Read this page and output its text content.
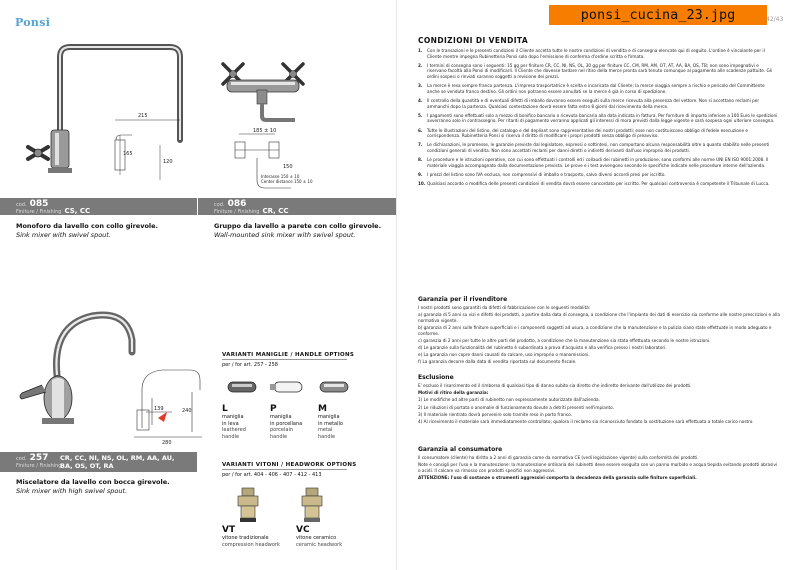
Ponsi
215
165
120
185 ± 10
150
Interasse 150 ± 10
Center distance 150 ± 10
cod. 085
Finiture / Finishing CS, CC
Monoforo da lavello con collo girevole.
Sink mixer with swivel spout.
cod. 086
Finiture / Finishing CR, CC
Gruppo da lavello a parete con collo girevole.
Wall-mounted sink mixer with swivel spout.
139	240
280
cod. 257
Finiture / Finishing
CR, CC, NI, NS, OL, RM, AA, AU,
BA, OS, OT, RA
Miscelatore da lavello con bocca girevole.
Sink mixer with high swivel spout.
VARIANTI MANIGLIE / HANDLE OPTIONS
per / for art. 257 - 258
L
maniglia
in leva
leathered
handle
P
maniglia
in porcellana
porcelain
handle
M
maniglia
in metallo
metal
handle
VARIANTI VITONI / HEADWORK OPTIONS
per / for art. 404 - 406 - 407 - 412 - 413
VT
vitone tradizionale
compression headwork
VC
vitone ceramico
ceramic headwork
ponsi_cucina_23.jpg	42/43
CONDIZIONI DI VENDITA
1.	Con le transazioni e le presenti condizioni il Cliente accetta tutte le nostre condizioni di vendita e di consegna elencate qui di seguito. L'ordine è vincolante per il Cliente mentre impegna Rubinetteria Ponsi solo dopo l'emissione di conferma d'ordine scritta e firmata.
2.	I termini di consegna sono i seguenti: 15 gg per finiture CR, CC, NI, NS, OL, 30 gg per finiture CC, CM, RM, AM, OT, AT, AA, BA, OS, TB; non sono impegnativi e riservano facoltà alla Ponsi di modificarli. Il Cliente che dovesse tardare nel ritiro della merce pronta sarà tenuto comunque al pagamento alle scadenze pattuite. Gli ordini sospesi o rinviati saranno soggetti a revisione dei prezzi.
3.	La merce è resa sempre franco partenza. L'impresa trasportatrice è scelta e incaricata dal Cliente; la merce viaggia sempre a rischio e pericolo del Committente anche se venduta franco destino. Gli ordini non potranno essere annullati se la merce è già in corso di spedizione.
4.	Il controllo della quantità e di eventuali difetti di imballo dovranno essere eseguiti sulla merce ricevuta alla presenza del vettore. Non si accettano reclami per ammanchi dopo la partenza. Qualsiasi contestazione dovrà essere fatta entro 8 giorni dal ricevimento della merce.
5.	I pagamenti sono effettuati solo a mezzo di bonifico bancario o ricevuta bancaria alla data indicata in fattura. Per forniture di importo inferiore a 100 Euro le spedizioni avverranno solo in contrassegno. Per ritardi di pagamento verranno applicati gli interessi di mora previsti dalla legge vigente e sarà sospesa ogni ulteriore consegna.
6.	Tutte le illustrazioni del listino, del catalogo e del depliant sono rappresentative dei nostri prodotti; esse non costituiscono obbligo di fedele esecuzione e corrispondenza. Rubinetteria Ponsi si riserva il diritto di modificare i propri prodotti senza obbligo di preavviso.
7.	Le dichiarazioni, le promesse, le garanzie previste dal legislatore, espressi o sottintesi, non comportano alcuna responsabilità oltre a quanto stabilito nelle presenti condizioni generali di vendita. Non sono accettati reclami per danni diretti o indiretti derivanti dall'uso improprio dei prodotti.
8.	Le procedure e le istruzioni operative, con cui sono effettuati i controlli ed i collaudi dei rubinetti in produzione, sono conformi alle norme UNI EN ISO 9001:2008. Il materiale viaggia accompagnato dalla documentazione prevista. Le prove e i test avvengono secondo le specifiche indicate nelle procedure interne dell'azienda.
9.	I prezzi del listino sono IVA esclusa, non comprensivi di imballo e trasporto, salvo diversi accordi presi per iscritto.
10. Qualsiasi accordo o modifica delle presenti condizioni di vendita dovrà essere concordato per iscritto. Per qualsiasi controversia è competente il Tribunale di Lucca.
Garanzia per il rivenditore

I nostri prodotti sono garantiti da difetti di fabbricazione con le seguenti modalità:

a) garanzia di 5 anni su vizi e difetti dei prodotti, a partire dalla data di consegna, a condizione che l'impianto dei dati di esercizio sia conforme alle nostre prescrizioni e alla normativa vigente.

b) garanzia di 2 anni sulle finiture superficiali e i componenti soggetti ad usura, a condizione che la manutenzione e la pulizia siano state effettuate in modo adeguato e conforme.

c) garanzia di 2 anni per tutte le altre parti del prodotto, a condizione che la manutenzione sia stata effettuata secondo le nostre istruzioni.

d) Le garanzie sulla funzionalità del rubinetto è subordinata a prova d'acquisto e alla verifica presso i nostri laboratori.

e) La garanzia non copre danni causati da calcare, uso improprio o manomissioni.

f) La garanzia decorre dalla data di vendita riportata sul documento fiscale.

Esclusione

E' escluso il risarcimento ed il rimborso di qualsiasi tipo di danno subito sia diretto che indiretto derivante dall'utilizzo dei prodotti.

Motivi di ritiro della garanzia:

1) Le modifiche ad altre parti di rubinetto non espressamente autorizzate dall'azienda.

2) Le riduzioni di portata o anomalie di funzionamento dovute a detriti presenti nell'impianto.

3) Il materiale rientrato dovrà pervenire solo tramite reso in porto franco.

4) Al ricevimento il materiale sarà immediatamente controllato; qualora il reclamo sia riconosciuto fondato la sostituzione sarà effettuata a totale carico nostro.

Garanzia al consumatore

Il consumatore (cliente) ha diritto a 2 anni di garanzia come da normativa CE (vedi legislazione vigente) sulla conformità dei prodotti.

Note e consigli per l'uso e la manutenzione: la manutenzione ordinaria dei rubinetti deve essere eseguita con un panno morbido e acqua tiepida evitando prodotti abrasivi o acidi. Il calcare va rimosso con prodotti specifici non aggressivi.

ATTENZIONE: l'uso di sostanze o strumenti aggressivi comporta la decadenza della garanzia sulle finiture superficiali.
